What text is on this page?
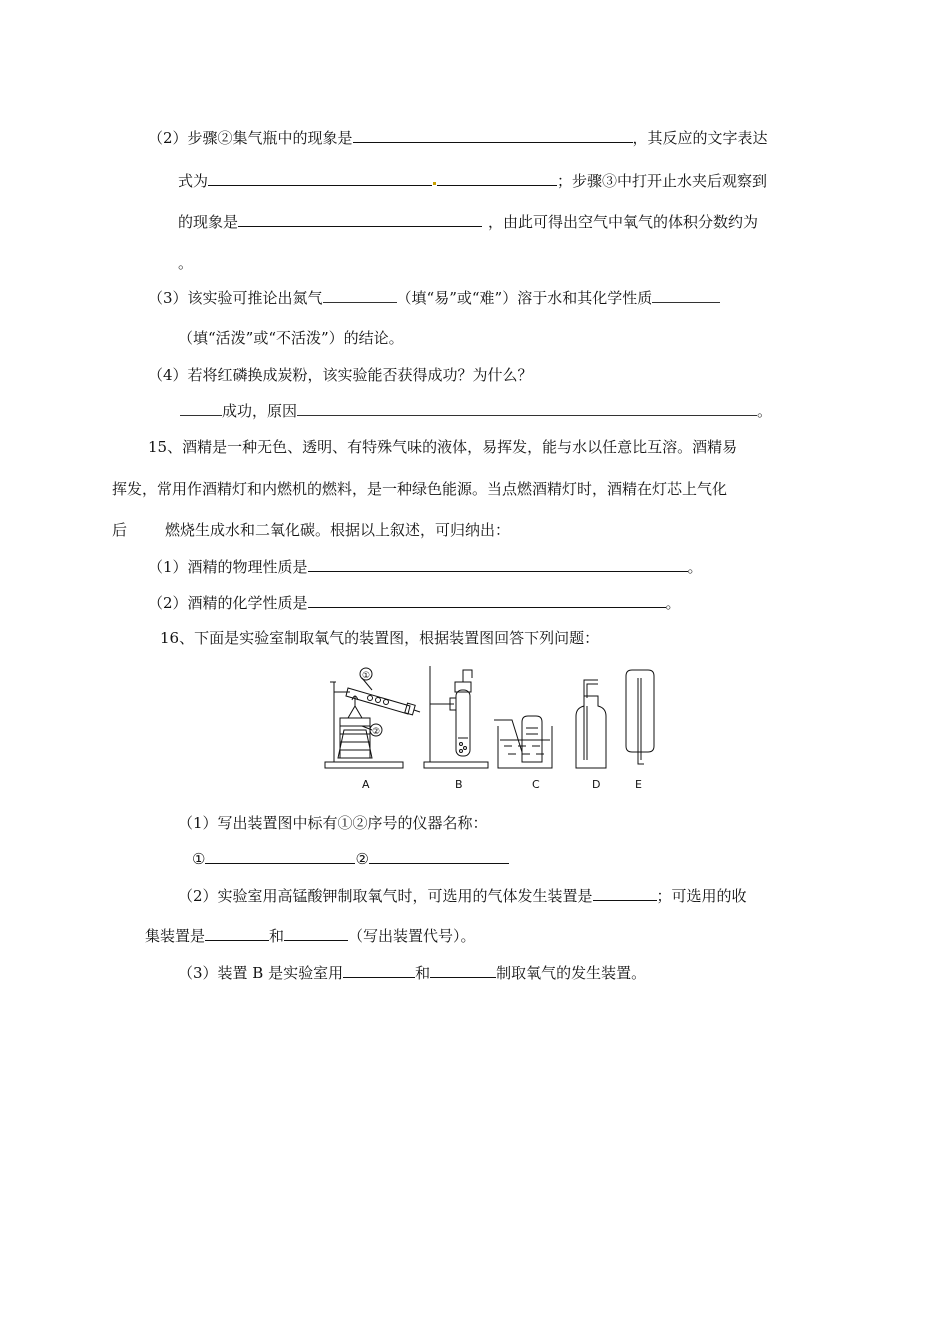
（2）步骤②集气瓶中的现象是	，其反应的文字表达
式为	；步骤③中打开止水夹后观察到
的现象是	，由此可得出空气中氧气的体积分数约为
。
（3）该实验可推论出氮气	（填“易”或“难”）溶于水和其化学性质
（填“活泼”或“不活泼”）的结论。
（4）若将红磷换成炭粉，该实验能否获得成功？为什么？
成功，原因	。
15、酒精是一种无色、透明、有特殊气味的液体，易挥发，能与水以任意比互溶。酒精易
挥发，常用作酒精灯和内燃机的燃料，是一种绿色能源。当点燃酒精灯时，酒精在灯芯上气化
后	燃烧生成水和二氧化碳。根据以上叙述，可归纳出：
（1）酒精的物理性质是	。
（2）酒精的化学性质是	。
16、下面是实验室制取氧气的装置图，根据装置图回答下列问题：
①
②
A	B	C	D	E
（1）写出装置图中标有①②序号的仪器名称：
①	②
（2）实验室用高锰酸钾制取氧气时，可选用的气体发生装置是	；可选用的收
集装置是	和	（写出装置代号）。
（3）装置 B 是实验室用	和	制取氧气的发生装置。
